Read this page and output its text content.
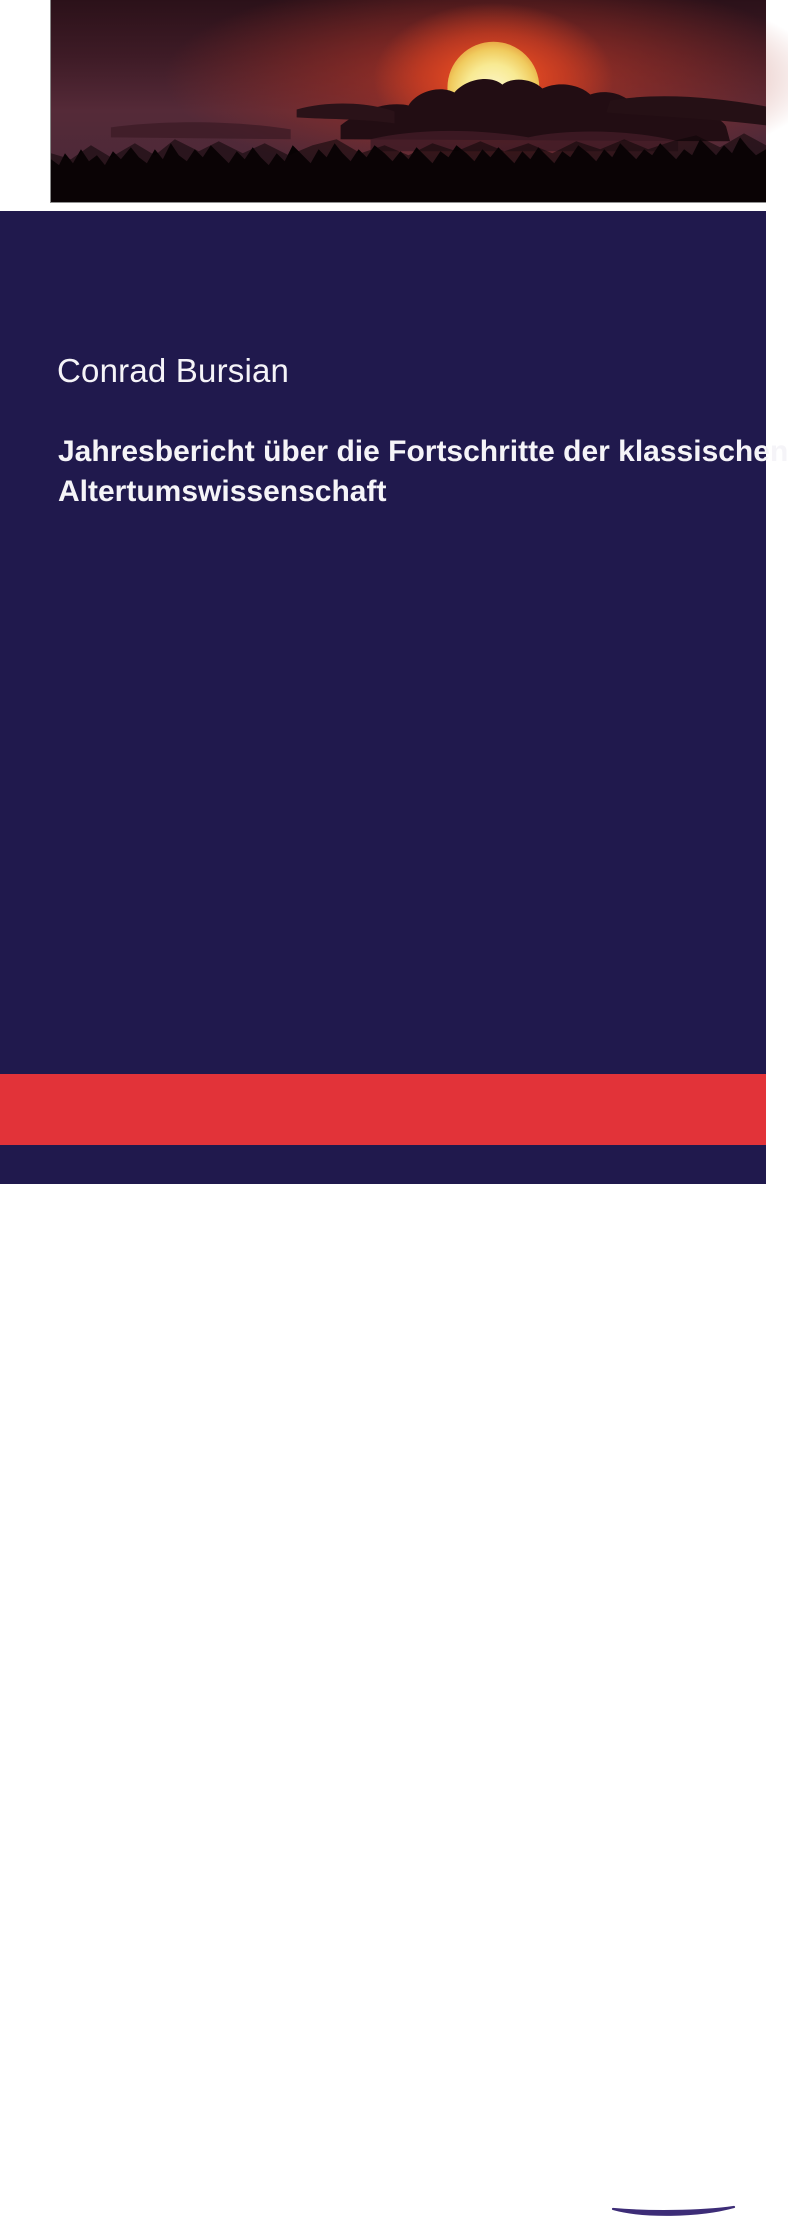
Conrad Bursian
Jahresbericht über die Fortschritte der klassischen
Altertumswissenschaft
hanse
